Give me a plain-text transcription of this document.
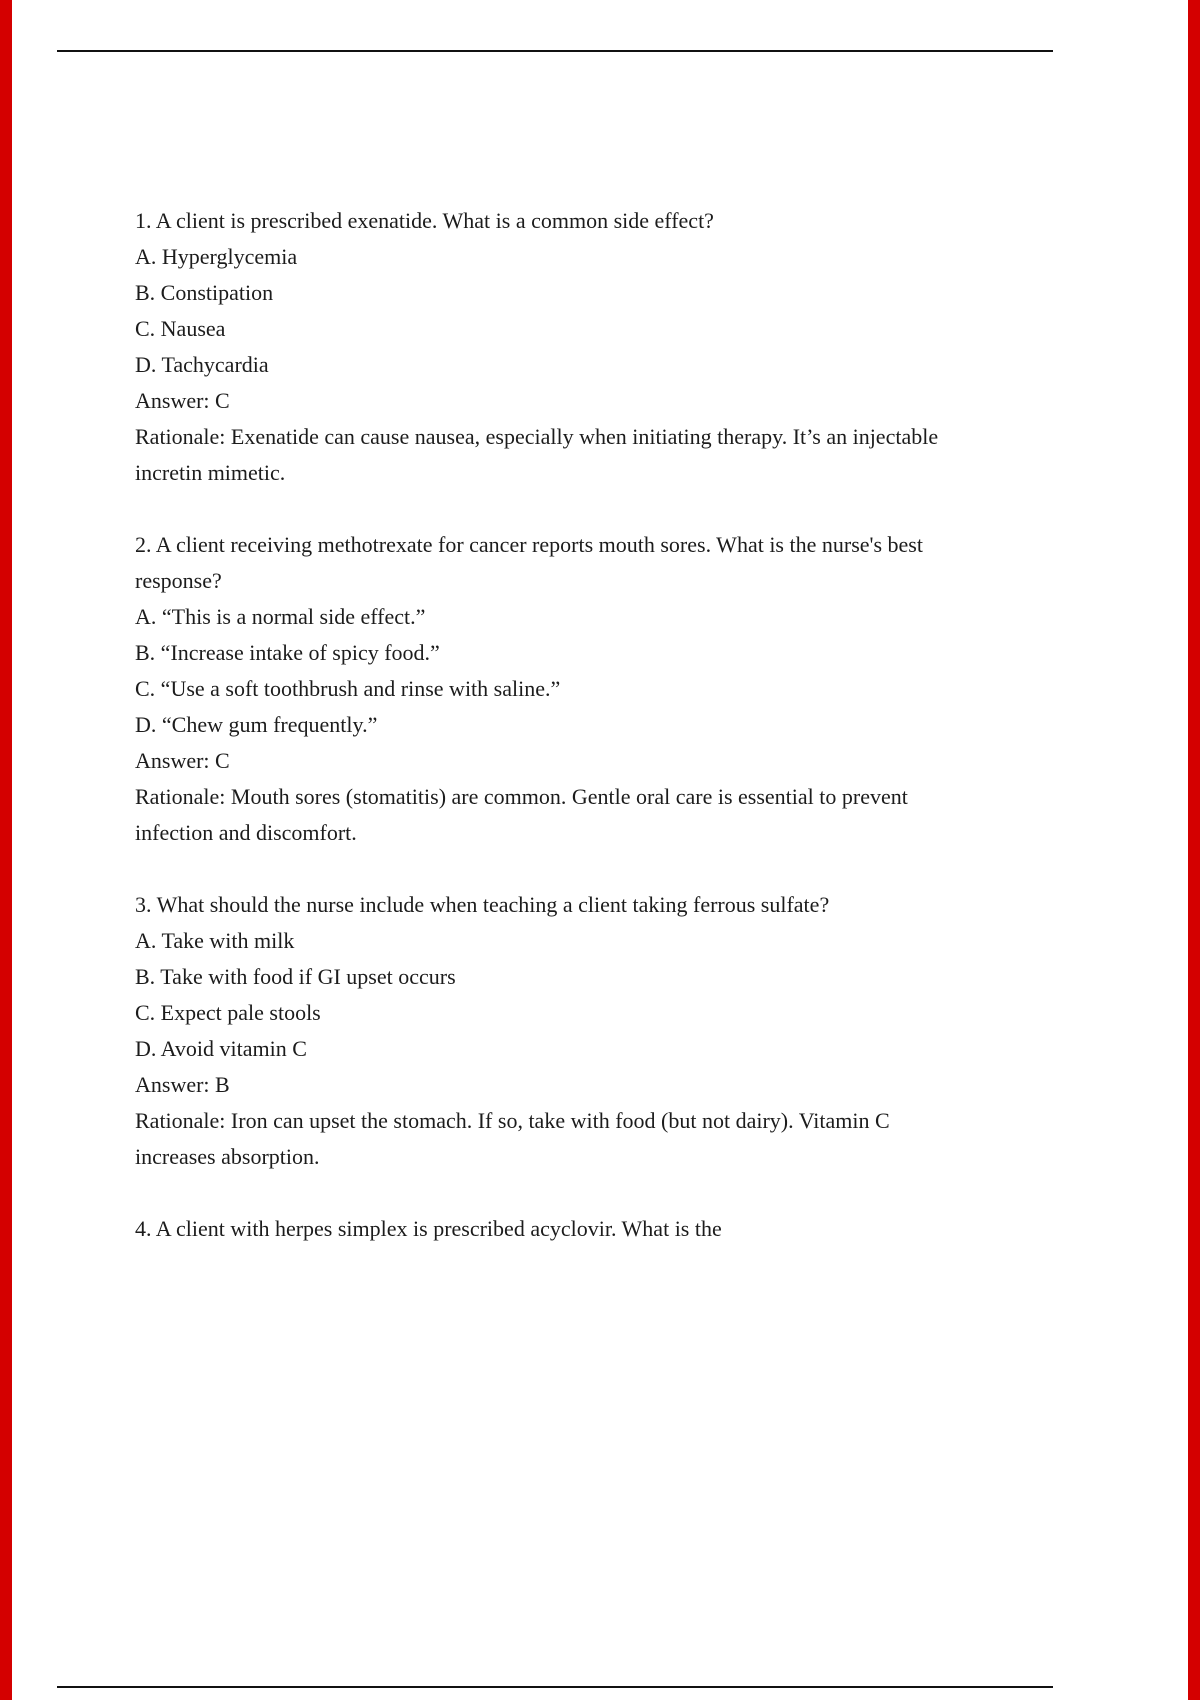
1. A client is prescribed exenatide. What is a common side effect?

A. Hyperglycemia

B. Constipation

C. Nausea

D. Tachycardia

Answer: C

Rationale: Exenatide can cause nausea, especially when initiating therapy. It’s an injectable incretin mimetic.

2. A client receiving methotrexate for cancer reports mouth sores. What is the nurse's best response?

A. “This is a normal side effect.”

B. “Increase intake of spicy food.”

C. “Use a soft toothbrush and rinse with saline.”

D. “Chew gum frequently.”

Answer: C

Rationale: Mouth sores (stomatitis) are common. Gentle oral care is essential to prevent infection and discomfort.

3. What should the nurse include when teaching a client taking ferrous sulfate?

A. Take with milk

B. Take with food if GI upset occurs

C. Expect pale stools

D. Avoid vitamin C

Answer: B

Rationale: Iron can upset the stomach. If so, take with food (but not dairy). Vitamin C increases absorption.

4. A client with herpes simplex is prescribed acyclovir. What is the
